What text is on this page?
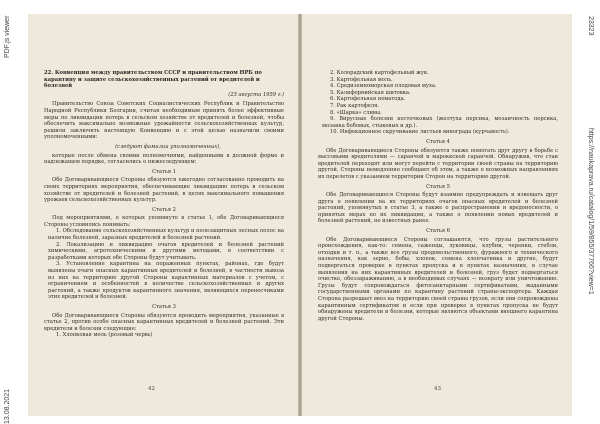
13.08.2021
PDF.js viewer	23323
https://naukaprava.ru/catalog/1/59/855/37766?view=1
22. Конвенция между правительством СССР и правительством НРБ по карантину и защите сельскохозяйственных растений от вредителей и болезней
(25 августа 1959 г.)

Правительство Союза Советских Социалистических Республик и Правительство Народной Республики Болгарии, считая необходимым принять более эффективные меры по ликвидации потерь в сельском хозяйстве от вредителей и болезней, чтобы обеспечить максимально возможные урожайности сельскохозяйственных культур, решили заключить настоящую Конвенцию и с этой целью назначили своими уполномоченными:

(следуют фамилии уполномоченных),

которые после обмена своими полномочиями, найденными в должной форме и надлежащем порядке, согласились о нижеследующем:

Статья 1

Обе Договаривающиеся Стороны обязуются ежегодно согласованно проводить на своих территориях мероприятия, обеспечивающие ликвидацию потерь в сельском хозяйстве от вредителей и болезней растений, в целях максимального повышения урожаев сельскохозяйственных культур.

Статья 2

Под мероприятиями, о которых упомянуто в статье 1, обе Договаривающиеся Стороны условились понимать:

1. Обследование сельскохозяйственных культур и полезащитных лесных полос на наличие болезней, заразных вредителей и болезней растений.

2. Локализацию и ликвидацию очагов вредителей и болезней растений химическими, агротехническими и другими методами, в соответствии с разработками которых обе Стороны будут учитывать.

3. Установление карантина на пораженных пунктах, районах, где будут выявлены очаги опасных карантинных вредителей и болезней, в частности вывоза из них на территорию другой Стороны карантинных материалов с учетом, с ограничением и особенностей в количестве сельскохозяйственных и других растений, а также продуктов карантинного значения, являющихся переносчиками этих вредителей и болезней.

Статья 3

Обе Договаривающиеся Стороны обязуются проводить мероприятия, указанные в статье 2, против особо опасных карантинных вредителей и болезней растений. Эти вредители и болезни следующие:

1. Хлопковая моль (розовый червь)

42

2. Колорадский картофельный жук.

3. Картофельная моль.

4. Средиземноморская плодовая муха.

5. Калифорнийская щитовка.

6. Картофельная нематода.

7. Рак картофеля.

8. «Шарка» сливы.

9. Вирусные болезни косточковых (желтуха персика, мозаичность персика, мозаика бобовых, стыковых и др.).

10. Инфекционное скручивание листьев винограда (курчавость).

Статья 4

Обе Договаривающиеся Стороны обязуются также помогать друг другу в борьбе с массовыми вредителями — саранчой и мароккской саранчой. Обнаружив, что стаи вредителей переходят или могут перейти с территории своей страны на территорию другой, Стороны немедленно сообщают об этом, а также о возможных направлениях их перелетов с указанием территории Сторон на территорию другой.

Статья 5

Обе Договаривающиеся Стороны будут взаимно предупреждать и извещать друг друга о появлении на их территориях очагов опасных вредителей и болезней растений, упомянутых в статье 3, а также о распространении и вредоносности, о принятых мерах по их ликвидации, а также о появлении новых вредителей и болезней растений, не известных ранее.

Статья 6

Обе Договаривающиеся Стороны соглашаются, что грузы растительного происхождения, как-то: семена, саженцы, луковицы, клубни, черенки, стебли, отходки и т. п., а также все грузы продовольственного, фуражного и технического назначения, как зерно, бобы, хлопок, семена хлопчатника и другие, будут подвергаться проверке в пунктах пропуска и в пунктах назначения, в случае выявления на них карантинных вредителей и болезней, груз будет подвергаться очистке, обеззараживанию, а в необходимых случаях — возврату или уничтожению. Грузы будут сопровождаться фитосанитарными сертификатами, выданными государственными органами по карантину растений страны-экспортера. Каждая Сторона разрешает ввоз на территорию своей страны грузов, если они сопровождены карантинным сертификатом и если при проверке в пунктах пропуска не будут обнаружены вредители и болезни, которые являются объектами внешнего карантина другой Стороны.

43
